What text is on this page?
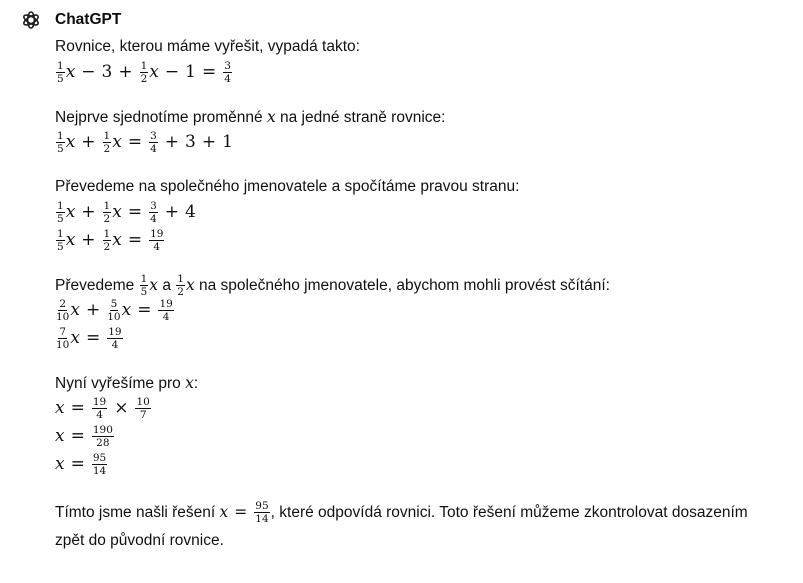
ChatGPT
Rovnice, kterou máme vyřešit, vypadá takto:
$\frac{1}{5}$ $x - 3 + \frac{1}{2}$ $x - 1 = \frac{3}{4}$
Nejprve sjednotíme proměnné x na jedné straně rovnice:
$\frac{1}{5}$ $x + \frac{1}{2}$ $x = \frac{3}{4} + 3 + 1$
Převedeme na společného jmenovatele a spočítáme pravou stranu:
$\frac{1}{5}$ $x + \frac{1}{2}$ $x = \frac{3}{4} + 4$
$\frac{1}{5}$ $x + \frac{1}{2}$ $x = \frac{19}{4}$
Převedeme $\frac{1}{5}$ x a $\frac{1}{2}$ x na společného jmenovatele, abychom mohli provést sčítání:
$\frac{2}{10}$ $x + \frac{5}{10}$ $x = \frac{19}{4}$
$\frac{7}{10}$ $x = \frac{19}{4}$
Nyní vyřešíme pro x:
$x = \frac{19}{4} \times \frac{10}{7}$
$x = \frac{190}{28}$
$x = \frac{95}{14}$
Tímto jsme našli řešení $x = \frac{95}{14}$ , které odpovídá rovnici. Toto řešení můžeme zkontrolovat dosazením zpět do původní rovnice.
